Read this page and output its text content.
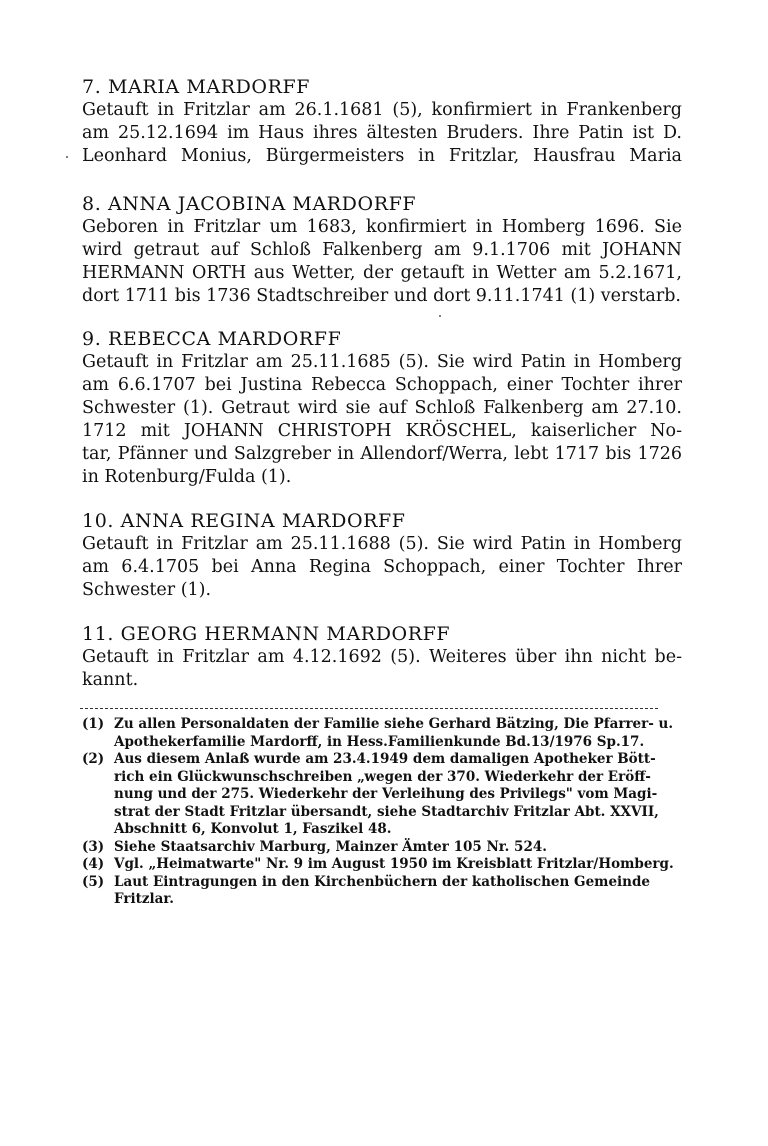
7. MARIA MARDORFF
Getauft in Fritzlar am 26.1.1681 (5), konfirmiert in Frankenberg
am 25.12.1694 im Haus ihres ältesten Bruders. Ihre Patin ist D.
Leonhard Monius, Bürgermeisters in Fritzlar, Hausfrau Maria
8. ANNA JACOBINA MARDORFF
Geboren in Fritzlar um 1683, konfirmiert in Homberg 1696. Sie
wird getraut auf Schloß Falkenberg am 9.1.1706 mit JOHANN
HERMANN ORTH aus Wetter, der getauft in Wetter am 5.2.1671,
dort 1711 bis 1736 Stadtschreiber und dort 9.11.1741 (1) verstarb.
9. REBECCA MARDORFF
Getauft in Fritzlar am 25.11.1685 (5). Sie wird Patin in Homberg
am 6.6.1707 bei Justina Rebecca Schoppach, einer Tochter ihrer
Schwester (1). Getraut wird sie auf Schloß Falkenberg am 27.10.
1712 mit JOHANN CHRISTOPH KRÖSCHEL, kaiserlicher No-
tar, Pfänner und Salzgreber in Allendorf/Werra, lebt 1717 bis 1726
in Rotenburg/Fulda (1).
10. ANNA REGINA MARDORFF
Getauft in Fritzlar am 25.11.1688 (5). Sie wird Patin in Homberg
am 6.4.1705 bei Anna Regina Schoppach, einer Tochter Ihrer
Schwester (1).
11. GEORG HERMANN MARDORFF
Getauft in Fritzlar am 4.12.1692 (5). Weiteres über ihn nicht be-
kannt.
(1) Zu allen Personaldaten der Familie siehe Gerhard Bätzing, Die Pfarrer- u.
Apothekerfamilie Mardorff, in Hess.Familienkunde Bd.13/1976 Sp.17.
(2) Aus diesem Anlaß wurde am 23.4.1949 dem damaligen Apotheker Bött-
rich ein Glückwunschschreiben „wegen der 370. Wiederkehr der Eröff-
nung und der 275. Wiederkehr der Verleihung des Privilegs" vom Magi-
strat der Stadt Fritzlar übersandt, siehe Stadtarchiv Fritzlar Abt. XXVII,
Abschnitt 6, Konvolut 1, Faszikel 48.
(3) Siehe Staatsarchiv Marburg, Mainzer Ämter 105 Nr. 524.
(4) Vgl. „Heimatwarte" Nr. 9 im August 1950 im Kreisblatt Fritzlar/Homberg.
(5) Laut Eintragungen in den Kirchenbüchern der katholischen Gemeinde
Fritzlar.
